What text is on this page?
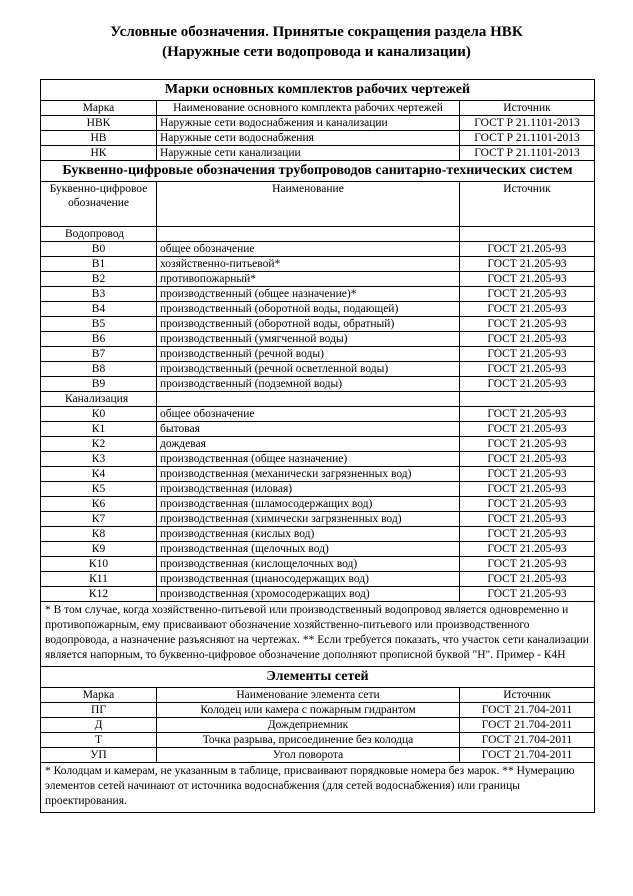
Условные обозначения. Принятые сокращения раздела НВК
(Наружные сети водопровода и канализации)
Марки основных комплектов рабочих чертежей		
Марка	Наименование основного комплекта рабочих чертежей	Источник
НВК	Наружные сети водоснабжения и канализации	ГОСТ Р 21.1101-2013
НВ	Наружные сети водоснабжения	ГОСТ Р 21.1101-2013
НК	Наружные сети канализации	ГОСТ Р 21.1101-2013
Буквенно-цифровые обозначения трубопроводов санитарно-технических систем		
Буквенно-цифровое обозначение	Наименование	Источник
Водопровод		
В0	общее обозначение	ГОСТ 21.205-93
В1	хозяйственно-питьевой*	ГОСТ 21.205-93
В2	противопожарный*	ГОСТ 21.205-93
В3	производственный (общее назначение)*	ГОСТ 21.205-93
В4	производственный (оборотной воды, подающей)	ГОСТ 21.205-93
В5	производственный (оборотной воды, обратный)	ГОСТ 21.205-93
В6	производственный (умягченной воды)	ГОСТ 21.205-93
В7	производственный (речной воды)	ГОСТ 21.205-93
В8	производственный (речной осветленной воды)	ГОСТ 21.205-93
В9	производственный (подземной воды)	ГОСТ 21.205-93
Канализация		
К0	общее обозначение	ГОСТ 21.205-93
К1	бытовая	ГОСТ 21.205-93
К2	дождевая	ГОСТ 21.205-93
К3	производственная (общее назначение)	ГОСТ 21.205-93
К4	производственная (механически загрязненных вод)	ГОСТ 21.205-93
К5	производственная (иловая)	ГОСТ 21.205-93
К6	производственная (шламосодержащих вод)	ГОСТ 21.205-93
К7	производственная (химически загрязненных вод)	ГОСТ 21.205-93
К8	производственная (кислых вод)	ГОСТ 21.205-93
К9	производственная (щелочных вод)	ГОСТ 21.205-93
К10	производственная (кислощелочных вод)	ГОСТ 21.205-93
К11	производственная (цианосодержащих вод)	ГОСТ 21.205-93
К12	производственная (хромосодержащих вод)	ГОСТ 21.205-93
* В том случае, когда хозяйственно-питьевой или производственный водопровод является одновременно и противопожарным, ему присваивают обозначение хозяйственно-питьевого или производственного водопровода, а назначение разъясняют на чертежах. ** Если требуется показать, что участок сети канализации является напорным, то буквенно-цифровое обозначение дополняют прописной буквой "Н". Пример - К4Н		
Элементы сетей		
Марка	Наименование элемента сети	Источник
ПГ	Колодец или камера с пожарным гидрантом	ГОСТ 21.704-2011
Д	Дождеприемник	ГОСТ 21.704-2011
Т	Точка разрыва, присоединение без колодца	ГОСТ 21.704-2011
УП	Угол поворота	ГОСТ 21.704-2011
* Колодцам и камерам, не указанным в таблице, присваивают порядковые номера без марок. ** Нумерацию элементов сетей начинают от источника водоснабжения (для сетей водоснабжения) или границы проектирования.		
